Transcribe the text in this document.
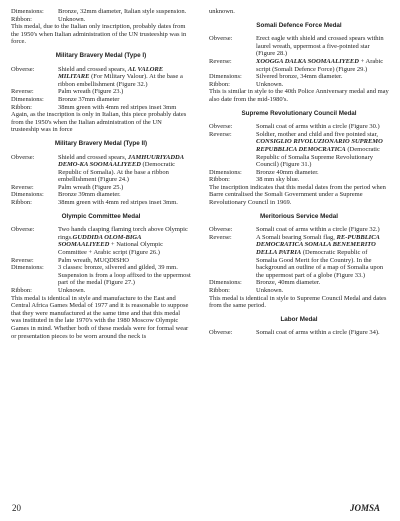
Dimensions:	Bronze, 32mm diameter, Italian style suspension.
Ribbon:	Unknown.

This medal, due to the Italian only inscription, probably dates from the 1950's when Italian administration of the UN trusteeship was in force.

Military Bravery Medal (Type I)
Obverse:	Shield and crossed spears, AL VALORE MILITARE (For Military Valour). At the base a ribbon embellishment (Figure 32.)
Reverse:	Palm wreath (Figure 23.)
Dimensions:	Bronze 37mm diameter
Ribbon:	38mm green with 4mm red stripes inset 3mm

Again, as the inscription is only in Italian, this piece probably dates from the 1950's when the Italian administration of the UN trusteeship was in force

Military Bravery Medal (Type II)
Obverse:	Shield and crossed spears, JAMHUURIYADDA DEMO-KA SOOMAALIYEED (Democratic Republic of Somalia). At the base a ribbon embellishment (Figure 24.)
Reverse:	Palm wreath (Figure 25.)
Dimensions:	Bronze 39mm diameter.
Ribbon:	38mm green with 4mm red stripes inset 3mm.
Olympic Committee Medal
Obverse:	Two hands clasping flaming torch above Olympic rings.GUDDIDA OLOM-BIGA SOOMAALIYEED + National Olympic Committee + Arabic script (Figure 26.)
Reverse:	Palm wreath, MUQDISHO
Dimensions:	3 classes: bronze, silvered and gilded, 39 mm. Suspension is from a loop affixed to the uppermost part of the medal (Figure 27.)
Ribbon:	Unknown.

This medal is identical in style and manufacture to the East and Central Africa Games Medal of 1977 and it is reasonable to suppose that they were manufactured at the same time and that this medal was instituted in the late 1970's with the 1980 Moscow Olympic Games in mind. Whether both of these medals were for formal wear or presentation pieces to be worn around the neck is

unknown.

Somali Defence Force Medal
Obverse:	Erect eagle with shield and crossed spears within laurel wreath, uppermost a five-pointed star (Figure 28.)
Reverse:	XOOGGA DALKA SOOMAALIYEED + Arabic script (Somali Defence Force) (Figure 29.)
Dimensions:	Silvered bronze, 34mm diameter.
Ribbon:	Unknown.

This is similar in style to the 40th Police Anniversary medal and may also date from the mid-1980's.

Supreme Revolutionary Council Medal
Obverse:	Somali coat of arms within a circle (Figure 30.)
Reverse:	Soldier, mother and child and five pointed star, CONSIGLIO RIVOLUZIONARIO SUPREMO REPUBBLICA DEMOCRATICA (Democratic Republic of Somalia Supreme Revolutionary Council) (Figure 31.)
Dimensions:	Bronze 40mm diameter.
Ribbon:	38 mm sky blue.

The inscription indicates that this medal dates from the period when Barre centralised the Somali Government under a Supreme Revolutionary Council in 1969.

Meritorious Service Medal
Obverse:	Somali coat of arms within a circle (Figure 32.)
Reverse:	A Somali bearing Somali flag, RE-PUBBLICA DEMOCRATICA SOMALA BENEMERITO DELLA PATRIA (Democratic Republic of Somalia Good Merit for the Country). In the background an outline of a map of Somalia upon the uppermost part of a globe (Figure 33.)
Dimensions:	Bronze, 40mm diameter.
Ribbon:	Unknown.

This medal is identical in style to Supreme Council Medal and dates from the same period.

Labor Medal
Obverse:	Somali coat of arms within a circle (Figure 34).
20	JOMSA
